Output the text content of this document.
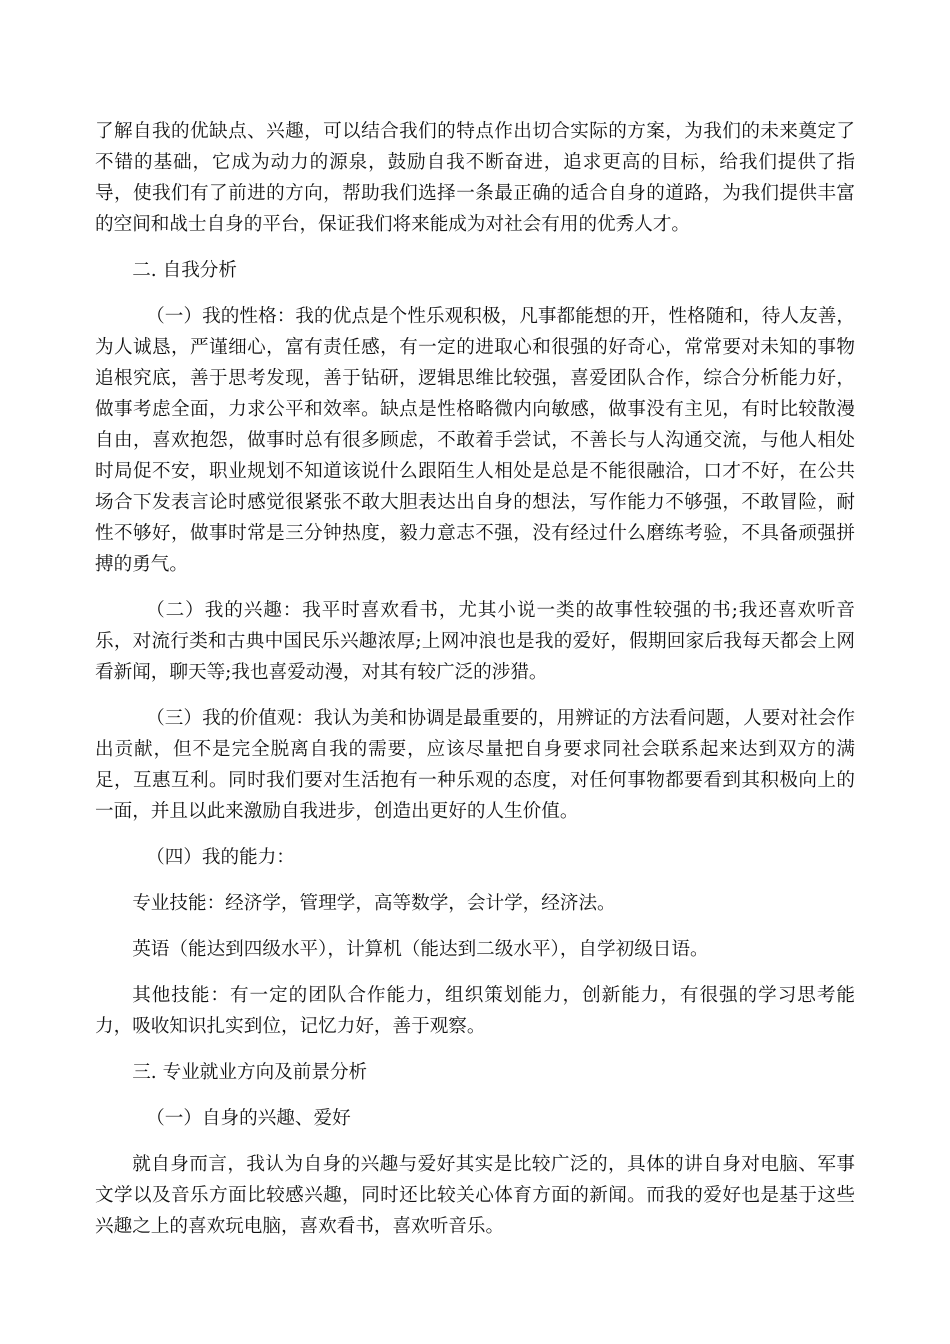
了解自我的优缺点、兴趣，可以结合我们的特点作出切合实际的方案，为我们的未来奠定了不错的基础，它成为动力的源泉，鼓励自我不断奋进，追求更高的目标，给我们提供了指导，使我们有了前进的方向，帮助我们选择一条最正确的适合自身的道路，为我们提供丰富的空间和战士自身的平台，保证我们将来能成为对社会有用的优秀人才。

二. 自我分析

（一）我的性格：我的优点是个性乐观积极，凡事都能想的开，性格随和，待人友善，为人诚恳，严谨细心，富有责任感，有一定的进取心和很强的好奇心，常常要对未知的事物追根究底，善于思考发现，善于钻研，逻辑思维比较强，喜爱团队合作，综合分析能力好，做事考虑全面，力求公平和效率。缺点是性格略微内向敏感，做事没有主见，有时比较散漫自由，喜欢抱怨，做事时总有很多顾虑，不敢着手尝试，不善长与人沟通交流，与他人相处时局促不安，职业规划不知道该说什么跟陌生人相处是总是不能很融洽，口才不好，在公共场合下发表言论时感觉很紧张不敢大胆表达出自身的想法，写作能力不够强，不敢冒险，耐性不够好，做事时常是三分钟热度，毅力意志不强，没有经过什么磨练考验，不具备顽强拼搏的勇气。

（二）我的兴趣：我平时喜欢看书，尤其小说一类的故事性较强的书;我还喜欢听音乐，对流行类和古典中国民乐兴趣浓厚;上网冲浪也是我的爱好，假期回家后我每天都会上网看新闻，聊天等;我也喜爱动漫，对其有较广泛的涉猎。

（三）我的价值观：我认为美和协调是最重要的，用辨证的方法看问题，人要对社会作出贡献，但不是完全脱离自我的需要，应该尽量把自身要求同社会联系起来达到双方的满足，互惠互利。同时我们要对生活抱有一种乐观的态度，对任何事物都要看到其积极向上的一面，并且以此来激励自我进步，创造出更好的人生价值。

（四）我的能力：

专业技能：经济学，管理学，高等数学，会计学，经济法。

英语（能达到四级水平），计算机（能达到二级水平），自学初级日语。

其他技能：有一定的团队合作能力，组织策划能力，创新能力，有很强的学习思考能力，吸收知识扎实到位，记忆力好，善于观察。

三. 专业就业方向及前景分析

（一）自身的兴趣、爱好

就自身而言，我认为自身的兴趣与爱好其实是比较广泛的，具体的讲自身对电脑、军事文学以及音乐方面比较感兴趣，同时还比较关心体育方面的新闻。而我的爱好也是基于这些兴趣之上的喜欢玩电脑，喜欢看书，喜欢听音乐。
